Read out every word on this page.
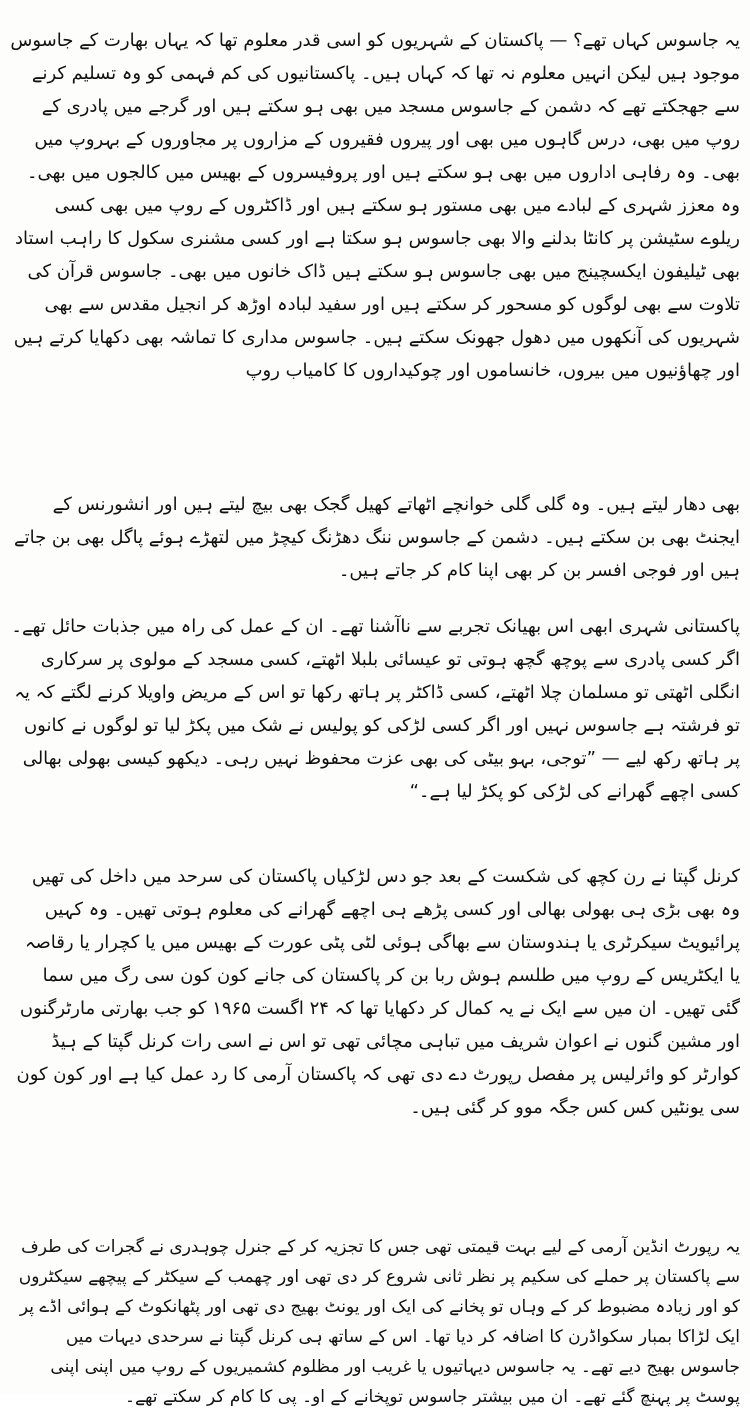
یہ جاسوس کہاں تھے؟ — پاکستان کے شہریوں کو اسی قدر معلوم تھا کہ یہاں بھارت کے جاسوس موجود ہیں لیکن انہیں معلوم نہ تھا کہ کہاں ہیں۔ پاکستانیوں کی کم فہمی کو وہ تسلیم کرنے سے جھجکتے تھے کہ دشمن کے جاسوس مسجد میں بھی ہو سکتے ہیں اور گرجے میں پادری کے روپ میں بھی، درس گاہوں میں بھی اور پیروں فقیروں کے مزاروں پر مجاوروں کے بہروپ میں بھی۔ وہ رفاہی اداروں میں بھی ہو سکتے ہیں اور پروفیسروں کے بھیس میں کالجوں میں بھی۔ وہ معزز شہری کے لبادے میں بھی مستور ہو سکتے ہیں اور ڈاکٹروں کے روپ میں بھی کسی ریلوے سٹیشن پر کانٹا بدلنے والا بھی جاسوس ہو سکتا ہے اور کسی مشنری سکول کا راہب استاد بھی ٹیلیفون ایکسچینج میں بھی جاسوس ہو سکتے ہیں ڈاک خانوں میں بھی۔ جاسوس قرآن کی تلاوت سے بھی لوگوں کو مسحور کر سکتے ہیں اور سفید لبادہ اوڑھ کر انجیل مقدس سے بھی شہریوں کی آنکھوں میں دھول جھونک سکتے ہیں۔ جاسوس مداری کا تماشہ بھی دکھایا کرتے ہیں اور چھاؤنیوں میں بیروں، خانساموں اور چوکیداروں کا کامیاب روپ

بھی دھار لیتے ہیں۔ وہ گلی گلی خوانچے اٹھاتے کھیل گجک بھی بیچ لیتے ہیں اور انشورنس کے ایجنٹ بھی بن سکتے ہیں۔ دشمن کے جاسوس ننگ دھڑنگ کیچڑ میں لتھڑے ہوئے پاگل بھی بن جاتے ہیں اور فوجی افسر بن کر بھی اپنا کام کر جاتے ہیں۔

پاکستانی شہری ابھی اس بھیانک تجربے سے ناآشنا تھے۔ ان کے عمل کی راہ میں جذبات حائل تھے۔ اگر کسی پادری سے پوچھ گچھ ہوتی تو عیسائی بلبلا اٹھتے، کسی مسجد کے مولوی پر سرکاری انگلی اٹھتی تو مسلمان چلا اٹھتے، کسی ڈاکٹر پر ہاتھ رکھا تو اس کے مریض واویلا کرنے لگتے کہ یہ تو فرشتہ ہے جاسوس نہیں اور اگر کسی لڑکی کو پولیس نے شک میں پکڑ لیا تو لوگوں نے کانوں پر ہاتھ رکھ لیے — ”توجی، بہو بیٹی کی بھی عزت محفوظ نہیں رہی۔ دیکھو کیسی بھولی بھالی کسی اچھے گھرانے کی لڑکی کو پکڑ لیا ہے۔“

کرنل گپتا نے رن کچھ کی شکست کے بعد جو دس لڑکیاں پاکستان کی سرحد میں داخل کی تھیں وہ بھی بڑی ہی بھولی بھالی اور کسی پڑھے ہی اچھے گھرانے کی معلوم ہوتی تھیں۔ وہ کہیں پرائیویٹ سیکرٹری یا ہندوستان سے بھاگی ہوئی لٹی پٹی عورت کے بھیس میں یا کچرار یا رقاصہ یا ایکٹریس کے روپ میں طلسم ہوش ربا بن کر پاکستان کی جانے کون کون سی رگ میں سما گئی تھیں۔ ان میں سے ایک نے یہ کمال کر دکھایا تھا کہ ۲۴ اگست ۱۹۶۵ کو جب بھارتی مارٹرگنوں اور مشین گنوں نے اعوان شریف میں تباہی مچائی تھی تو اس نے اسی رات کرنل گپتا کے ہیڈ کوارٹر کو وائرلیس پر مفصل رپورٹ دے دی تھی کہ پاکستان آرمی کا رد عمل کیا ہے اور کون کون سی یونٹیں کس کس جگہ موو کر گئی ہیں۔

یہ رپورٹ انڈین آرمی کے لیے بہت قیمتی تھی جس کا تجزیہ کر کے جنرل چوہدری نے گجرات کی طرف سے پاکستان پر حملے کی سکیم پر نظر ثانی شروع کر دی تھی اور چھمب کے سیکٹر کے پیچھے سیکٹروں کو اور زیادہ مضبوط کر کے وہاں تو پخانے کی ایک اور یونٹ بھیج دی تھی اور پٹھانکوٹ کے ہوائی اڈے پر ایک لڑاکا بمبار سکواڈرن کا اضافہ کر دیا تھا۔ اس کے ساتھ ہی کرنل گپتا نے سرحدی دیہات میں جاسوس بھیج دیے تھے۔ یہ جاسوس دیہاتیوں یا غریب اور مظلوم کشمیریوں کے روپ میں اپنی اپنی پوسٹ پر پہنچ گئے تھے۔ ان میں بیشتر جاسوس توپخانے کے او۔ پی کا کام کر سکتے تھے۔
